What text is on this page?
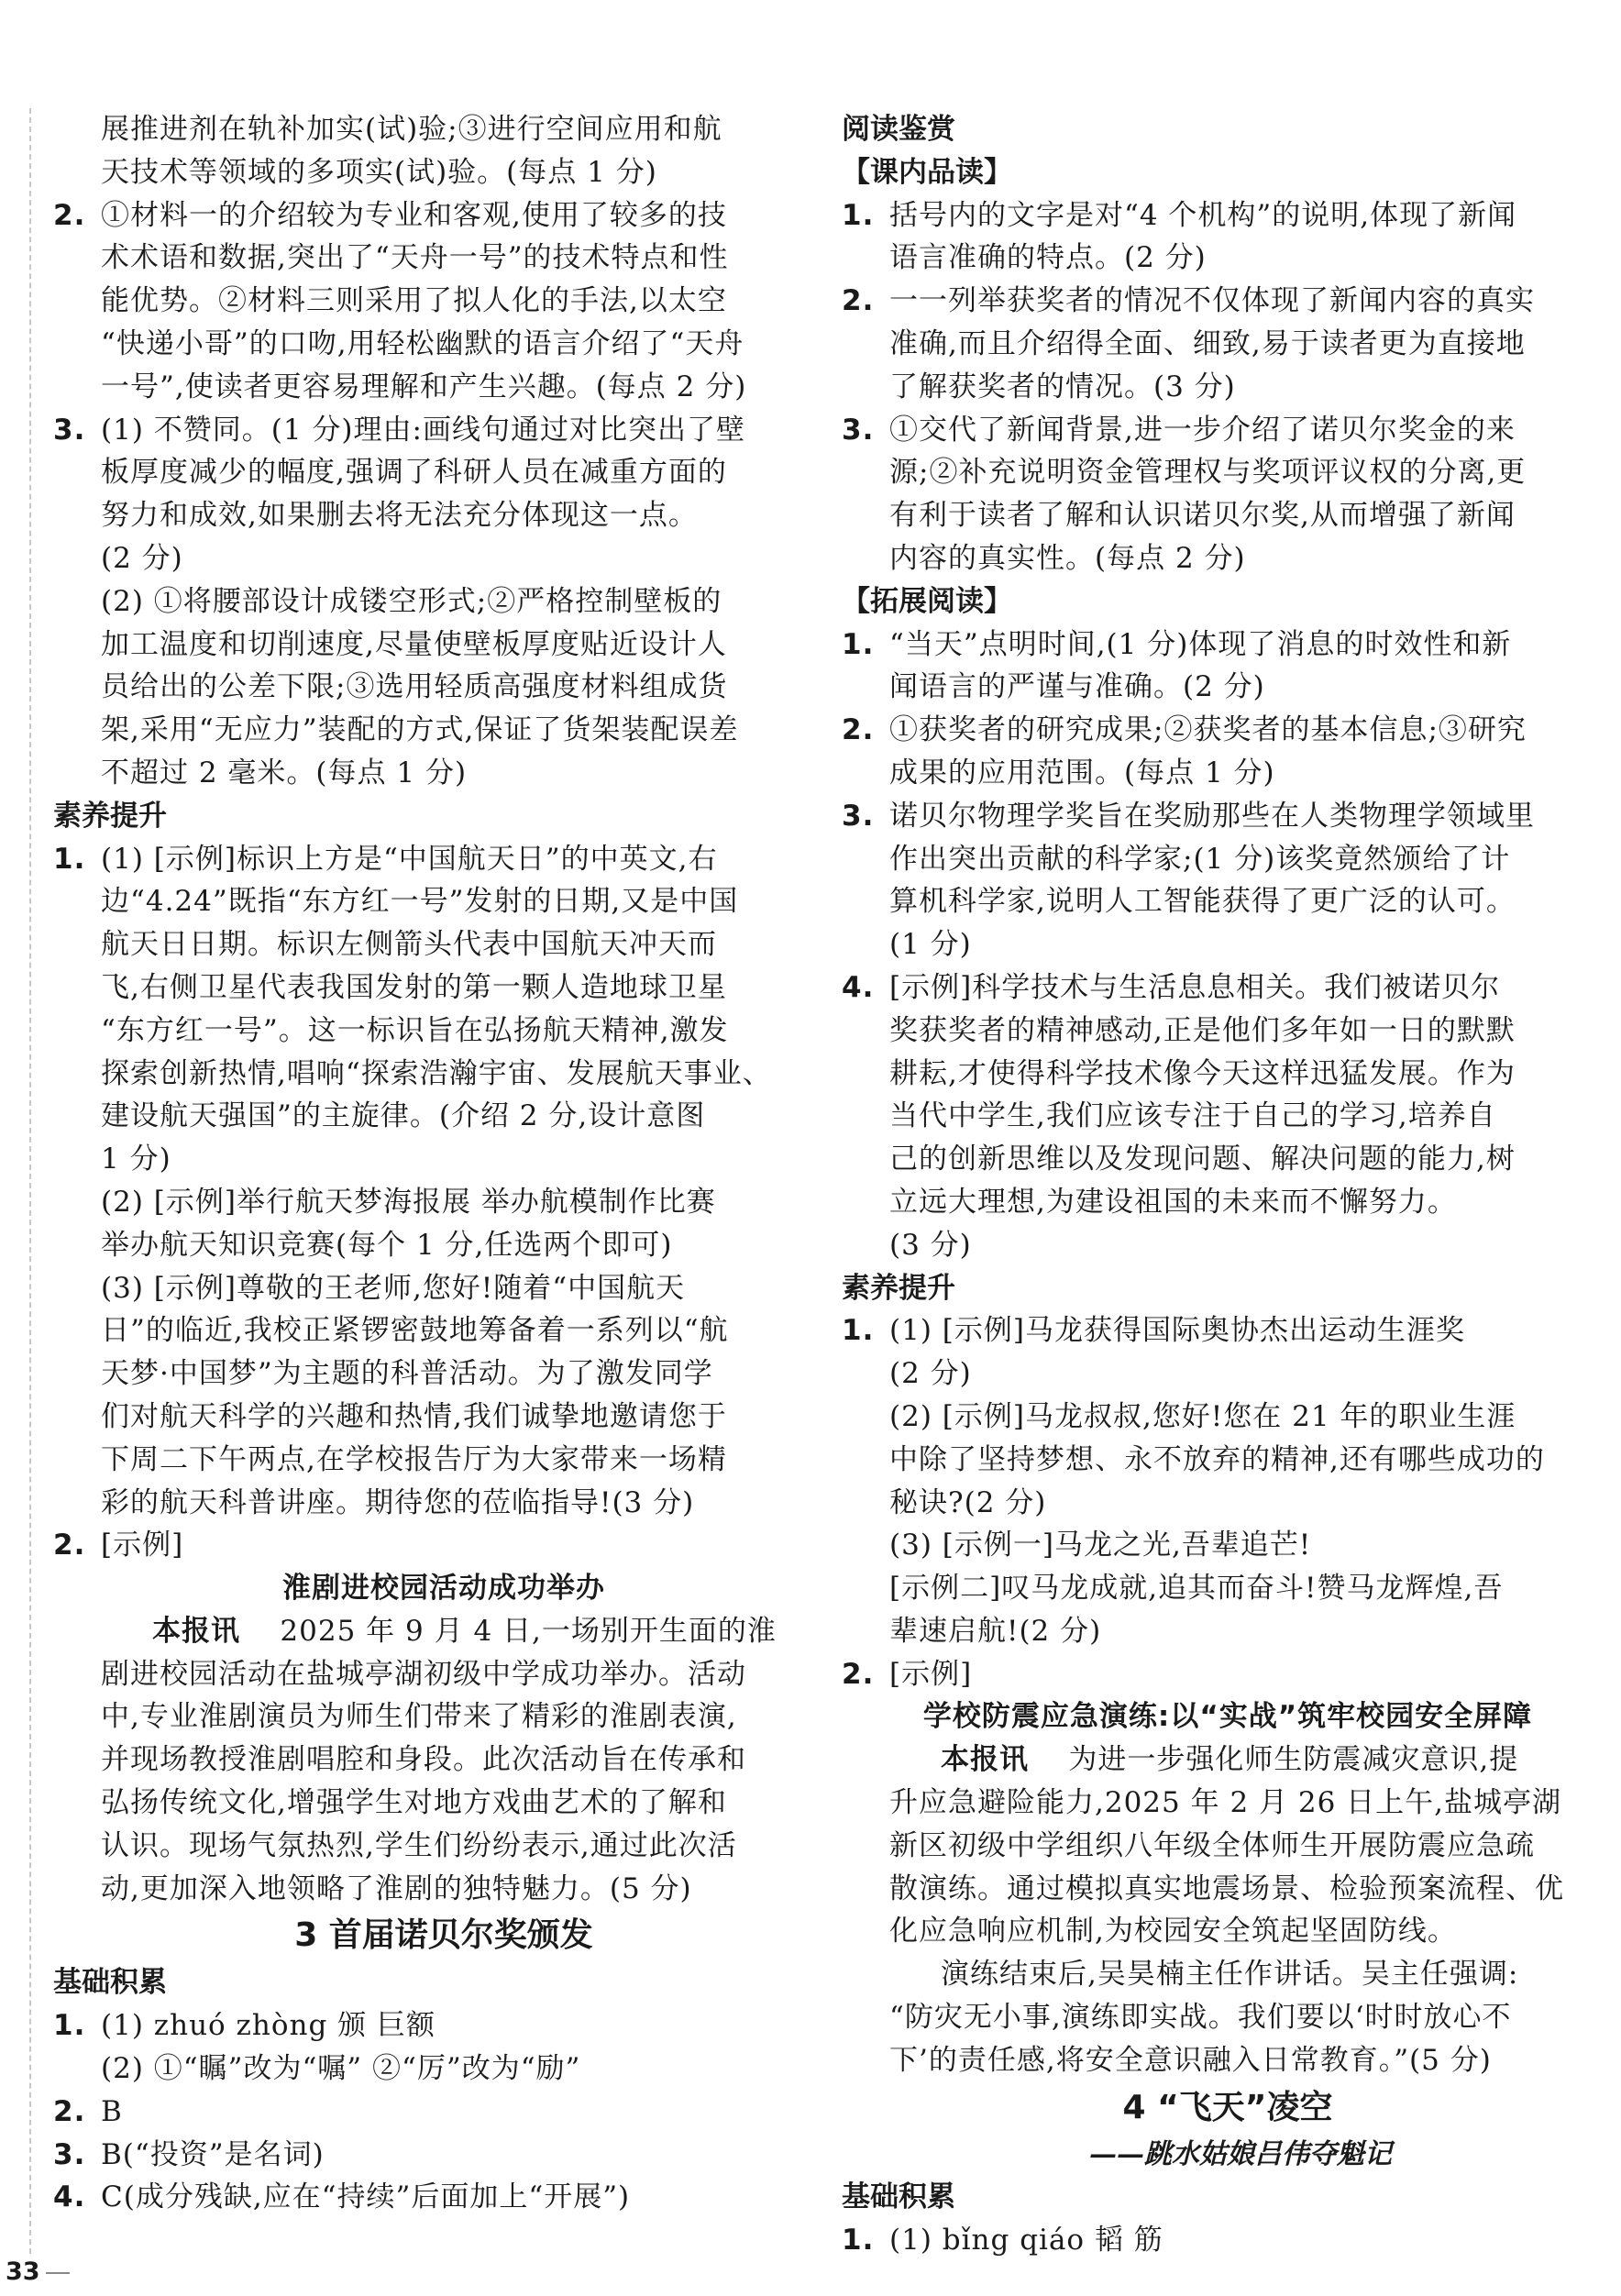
展推进剂在轨补加实(试)验;③进行空间应用和航
天技术等领域的多项实(试)验。(每点 1 分)
2. ①材料一的介绍较为专业和客观,使用了较多的技
术术语和数据,突出了“天舟一号”的技术特点和性
能优势。②材料三则采用了拟人化的手法,以太空
“快递小哥”的口吻,用轻松幽默的语言介绍了“天舟
一号”,使读者更容易理解和产生兴趣。(每点 2 分)
3. (1) 不赞同。(1 分)理由:画线句通过对比突出了壁
板厚度减少的幅度,强调了科研人员在减重方面的
努力和成效,如果删去将无法充分体现这一点。
(2 分)
(2) ①将腰部设计成镂空形式;②严格控制壁板的
加工温度和切削速度,尽量使壁板厚度贴近设计人
员给出的公差下限;③选用轻质高强度材料组成货
架,采用“无应力”装配的方式,保证了货架装配误差
不超过 2 毫米。(每点 1 分)
素养提升
1. (1) [示例]标识上方是“中国航天日”的中英文,右
边“4.24”既指“东方红一号”发射的日期,又是中国
航天日日期。标识左侧箭头代表中国航天冲天而
飞,右侧卫星代表我国发射的第一颗人造地球卫星
“东方红一号”。这一标识旨在弘扬航天精神,激发
探索创新热情,唱响“探索浩瀚宇宙、发展航天事业、
建设航天强国”的主旋律。(介绍 2 分,设计意图
1 分)
(2) [示例]举行航天梦海报展 举办航模制作比赛
举办航天知识竞赛(每个 1 分,任选两个即可)
(3) [示例]尊敬的王老师,您好!随着“中国航天
日”的临近,我校正紧锣密鼓地筹备着一系列以“航
天梦·中国梦”为主题的科普活动。为了激发同学
们对航天科学的兴趣和热情,我们诚挚地邀请您于
下周二下午两点,在学校报告厅为大家带来一场精
彩的航天科普讲座。期待您的莅临指导!(3 分)
2. [示例]
淮剧进校园活动成功举办
本报讯 2025 年 9 月 4 日,一场别开生面的淮
剧进校园活动在盐城亭湖初级中学成功举办。活动
中,专业淮剧演员为师生们带来了精彩的淮剧表演,
并现场教授淮剧唱腔和身段。此次活动旨在传承和
弘扬传统文化,增强学生对地方戏曲艺术的了解和
认识。现场气氛热烈,学生们纷纷表示,通过此次活
动,更加深入地领略了淮剧的独特魅力。(5 分)
3 首届诺贝尔奖颁发
基础积累
1. (1) zhuó zhòng 颁 巨额
(2) ①“瞩”改为“嘱” ②“厉”改为“励”
2. B
3. B(“投资”是名词)
4. C(成分残缺,应在“持续”后面加上“开展”)
阅读鉴赏
【课内品读】
1. 括号内的文字是对“4 个机构”的说明,体现了新闻
语言准确的特点。(2 分)
2. 一一列举获奖者的情况不仅体现了新闻内容的真实
准确,而且介绍得全面、细致,易于读者更为直接地
了解获奖者的情况。(3 分)
3. ①交代了新闻背景,进一步介绍了诺贝尔奖金的来
源;②补充说明资金管理权与奖项评议权的分离,更
有利于读者了解和认识诺贝尔奖,从而增强了新闻
内容的真实性。(每点 2 分)
【拓展阅读】
1. “当天”点明时间,(1 分)体现了消息的时效性和新
闻语言的严谨与准确。(2 分)
2. ①获奖者的研究成果;②获奖者的基本信息;③研究
成果的应用范围。(每点 1 分)
3. 诺贝尔物理学奖旨在奖励那些在人类物理学领域里
作出突出贡献的科学家;(1 分)该奖竟然颁给了计
算机科学家,说明人工智能获得了更广泛的认可。
(1 分)
4. [示例]科学技术与生活息息相关。我们被诺贝尔
奖获奖者的精神感动,正是他们多年如一日的默默
耕耘,才使得科学技术像今天这样迅猛发展。作为
当代中学生,我们应该专注于自己的学习,培养自
己的创新思维以及发现问题、解决问题的能力,树
立远大理想,为建设祖国的未来而不懈努力。
(3 分)
素养提升
1. (1) [示例]马龙获得国际奥协杰出运动生涯奖
(2 分)
(2) [示例]马龙叔叔,您好!您在 21 年的职业生涯
中除了坚持梦想、永不放弃的精神,还有哪些成功的
秘诀?(2 分)
(3) [示例一]马龙之光,吾辈追芒!
[示例二]叹马龙成就,追其而奋斗!赞马龙辉煌,吾
辈速启航!(2 分)
2. [示例]
学校防震应急演练:以“实战”筑牢校园安全屏障
本报讯 为进一步强化师生防震减灾意识,提
升应急避险能力,2025 年 2 月 26 日上午,盐城亭湖
新区初级中学组织八年级全体师生开展防震应急疏
散演练。通过模拟真实地震场景、检验预案流程、优
化应急响应机制,为校园安全筑起坚固防线。
演练结束后,吴昊楠主任作讲话。吴主任强调:
“防灾无小事,演练即实战。我们要以‘时时放心不
下’的责任感,将安全意识融入日常教育。”(5 分)
4 “飞天”凌空
——跳水姑娘吕伟夺魁记
基础积累
1. (1) bǐng qiáo 韬 筋
33
